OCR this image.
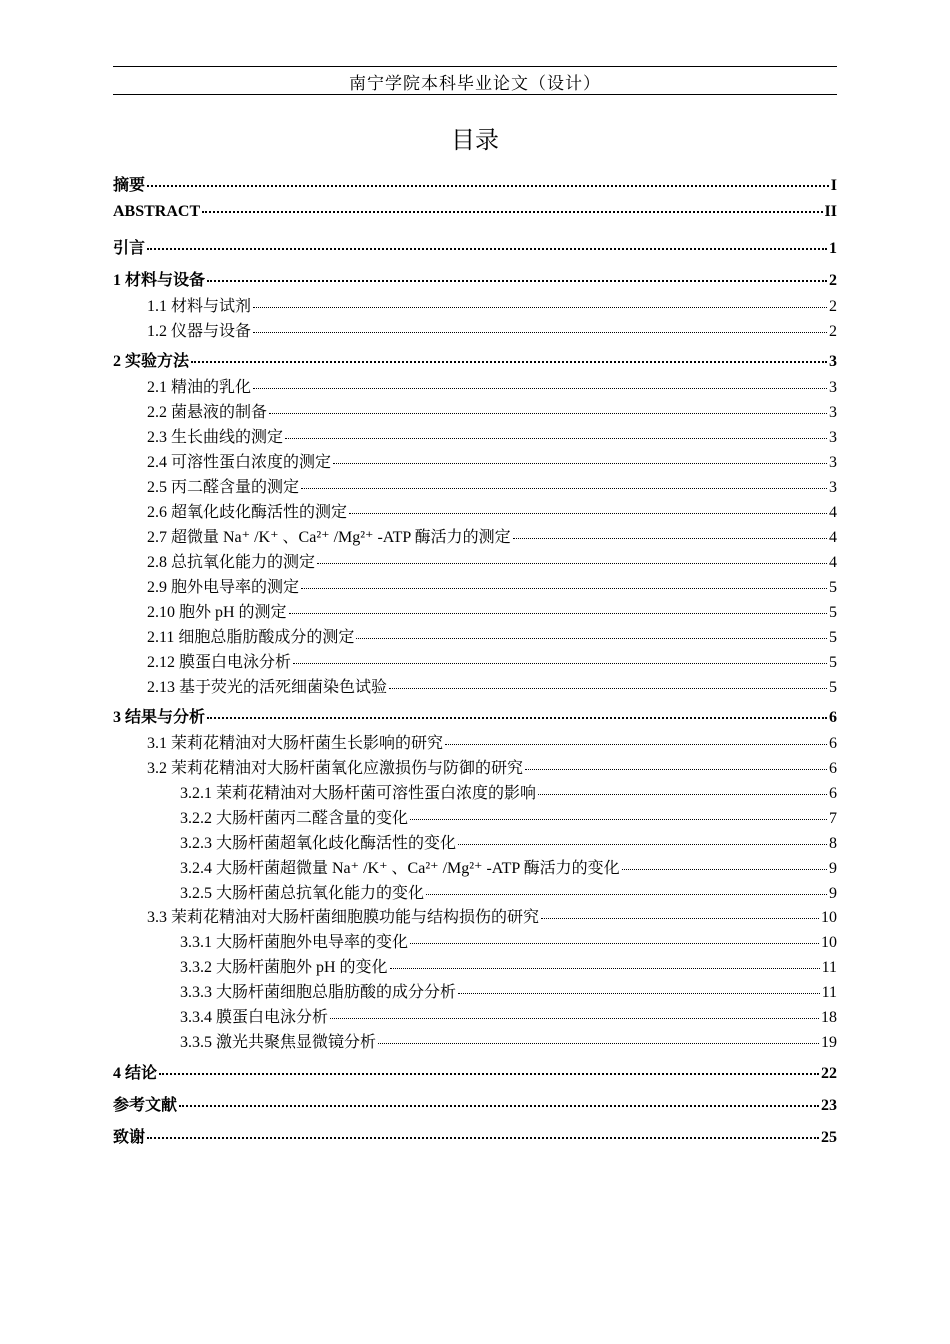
南宁学院本科毕业论文（设计）
目录
摘要	I
ABSTRACT	II
引言	1
1 材料与设备	2
1.1 材料与试剂	2
1.2 仪器与设备	2
2 实验方法	3
2.1 精油的乳化	3
2.2 菌悬液的制备	3
2.3 生长曲线的测定	3
2.4 可溶性蛋白浓度的测定	3
2.5 丙二醛含量的测定	3
2.6 超氧化歧化酶活性的测定	4
2.7 超微量 Na⁺ /K⁺ 、Ca²⁺ /Mg²⁺ -ATP 酶活力的测定	4
2.8 总抗氧化能力的测定	4
2.9 胞外电导率的测定	5
2.10 胞外 pH 的测定	5
2.11 细胞总脂肪酸成分的测定	5
2.12 膜蛋白电泳分析	5
2.13 基于荧光的活死细菌染色试验	5
3 结果与分析	6
3.1 茉莉花精油对大肠杆菌生长影响的研究	6
3.2 茉莉花精油对大肠杆菌氧化应激损伤与防御的研究	6
3.2.1 茉莉花精油对大肠杆菌可溶性蛋白浓度的影响	6
3.2.2 大肠杆菌丙二醛含量的变化	7
3.2.3 大肠杆菌超氧化歧化酶活性的变化	8
3.2.4 大肠杆菌超微量 Na⁺ /K⁺ 、Ca²⁺ /Mg²⁺ -ATP 酶活力的变化	9
3.2.5 大肠杆菌总抗氧化能力的变化	9
3.3 茉莉花精油对大肠杆菌细胞膜功能与结构损伤的研究	10
3.3.1 大肠杆菌胞外电导率的变化	10
3.3.2 大肠杆菌胞外 pH 的变化	11
3.3.3 大肠杆菌细胞总脂肪酸的成分分析	11
3.3.4 膜蛋白电泳分析	18
3.3.5 激光共聚焦显微镜分析	19
4 结论	22
参考文献	23
致谢	25
